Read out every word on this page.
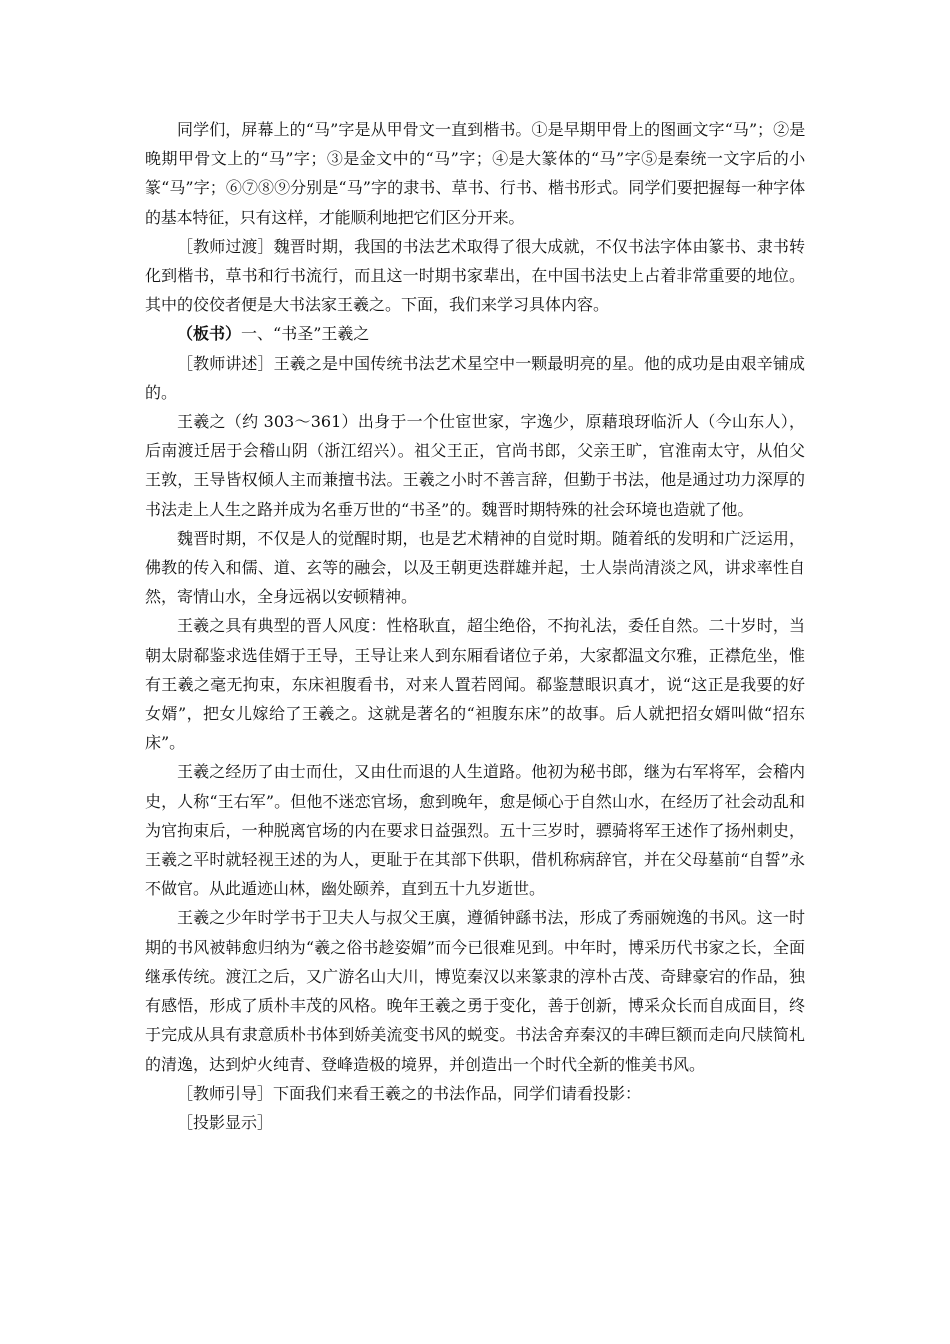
同学们，屏幕上的“马”字是从甲骨文一直到楷书。①是早期甲骨上的图画文字“马”；②是晚期甲骨文上的“马”字；③是金文中的“马”字；④是大篆体的“马”字⑤是秦统一文字后的小篆“马”字；⑥⑦⑧⑨分别是“马”字的隶书、草书、行书、楷书形式。同学们要把握每一种字体的基本特征，只有这样，才能顺利地把它们区分开来。

［教师过渡］魏晋时期，我国的书法艺术取得了很大成就，不仅书法字体由篆书、隶书转化到楷书，草书和行书流行，而且这一时期书家辈出，在中国书法史上占着非常重要的地位。其中的佼佼者便是大书法家王羲之。下面，我们来学习具体内容。

（板书）一、“书圣”王羲之

［教师讲述］王羲之是中国传统书法艺术星空中一颗最明亮的星。他的成功是由艰辛铺成的。

王羲之（约 303～361）出身于一个仕宦世家，字逸少，原藉琅玡临沂人（今山东人），后南渡迁居于会稽山阴（浙江绍兴）。祖父王正，官尚书郎，父亲王旷，官淮南太守，从伯父王敦，王导皆权倾人主而兼擅书法。王羲之小时不善言辞，但勤于书法，他是通过功力深厚的书法走上人生之路并成为名垂万世的“书圣”的。魏晋时期特殊的社会环境也造就了他。

魏晋时期，不仅是人的觉醒时期，也是艺术精神的自觉时期。随着纸的发明和广泛运用，佛教的传入和儒、道、玄等的融会，以及王朝更迭群雄并起，士人崇尚清淡之风，讲求率性自然，寄情山水，全身远祸以安顿精神。

王羲之具有典型的晋人风度：性格耿直，超尘绝俗，不拘礼法，委任自然。二十岁时，当朝太尉郗鉴求选佳婿于王导，王导让来人到东厢看诸位子弟，大家都温文尔雅，正襟危坐，惟有王羲之毫无拘束，东床袒腹看书，对来人置若罔闻。郗鉴慧眼识真才，说“这正是我要的好女婿”，把女儿嫁给了王羲之。这就是著名的“袒腹东床”的故事。后人就把招女婿叫做“招东床”。

王羲之经历了由士而仕，又由仕而退的人生道路。他初为秘书郎，继为右军将军，会稽内史，人称“王右军”。但他不迷恋官场，愈到晚年，愈是倾心于自然山水，在经历了社会动乱和为官拘束后，一种脱离官场的内在要求日益强烈。五十三岁时，骠骑将军王述作了扬州刺史，王羲之平时就轻视王述的为人，更耻于在其部下供职，借机称病辞官，并在父母墓前“自誓”永不做官。从此遁迹山林，幽处颐养，直到五十九岁逝世。

王羲之少年时学书于卫夫人与叔父王廙，遵循钟繇书法，形成了秀丽婉逸的书风。这一时期的书风被韩愈归纳为“羲之俗书趁姿媚”而今已很难见到。中年时，博采历代书家之长，全面继承传统。渡江之后，又广游名山大川，博览秦汉以来篆隶的淳朴古茂、奇肆豪宕的作品，独有感悟，形成了质朴丰茂的风格。晚年王羲之勇于变化，善于创新，博采众长而自成面目，终于完成从具有隶意质朴书体到娇美流变书风的蜕变。书法舍弃秦汉的丰碑巨额而走向尺牍简札的清逸，达到炉火纯青、登峰造极的境界，并创造出一个时代全新的惟美书风。

［教师引导］下面我们来看王羲之的书法作品，同学们请看投影：

［投影显示］
